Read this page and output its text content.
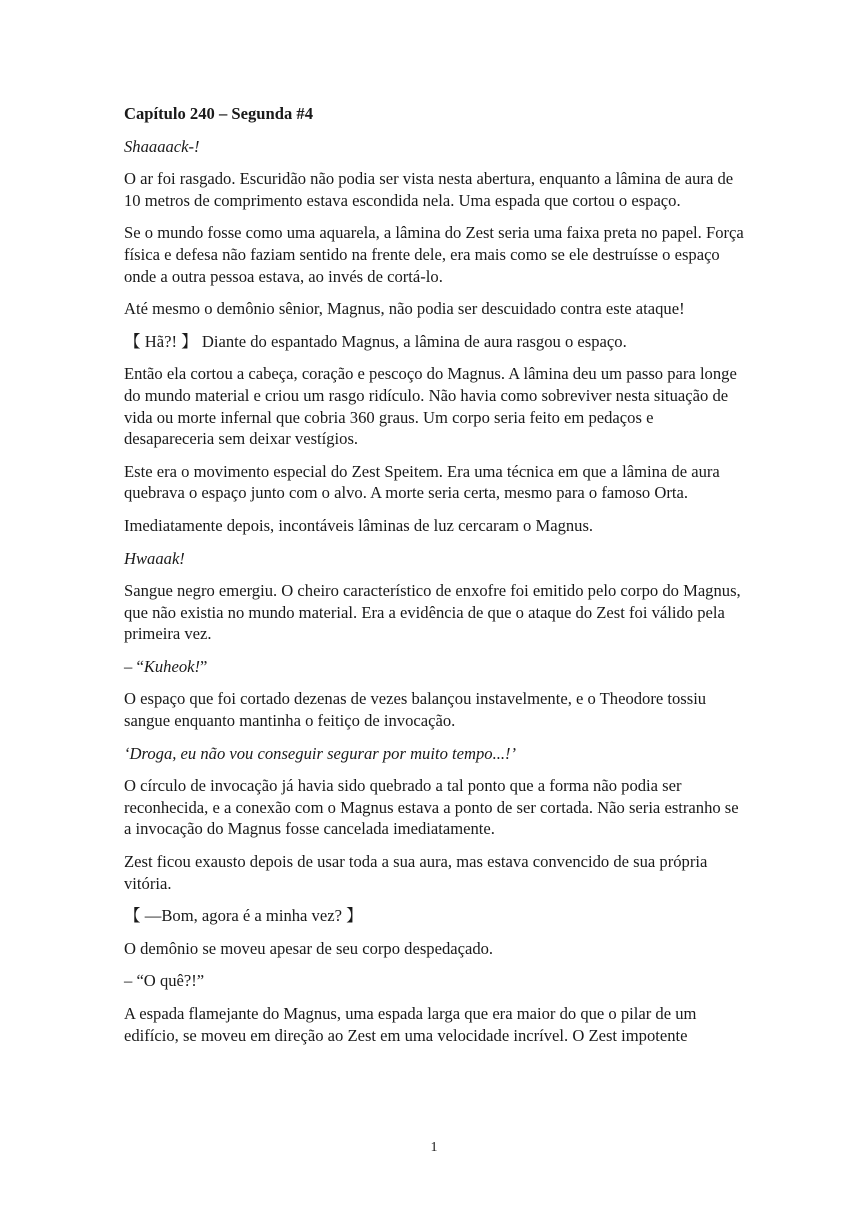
Capítulo 240 – Segunda #4

Shaaaack-!

O ar foi rasgado. Escuridão não podia ser vista nesta abertura, enquanto a lâmina de aura de 10 metros de comprimento estava escondida nela. Uma espada que cortou o espaço.

Se o mundo fosse como uma aquarela, a lâmina do Zest seria uma faixa preta no papel. Força física e defesa não faziam sentido na frente dele, era mais como se ele destruísse o espaço onde a outra pessoa estava, ao invés de cortá-lo.

Até mesmo o demônio sênior, Magnus, não podia ser descuidado contra este ataque!

【 Hã?! 】 Diante do espantado Magnus, a lâmina de aura rasgou o espaço.

Então ela cortou a cabeça, coração e pescoço do Magnus. A lâmina deu um passo para longe do mundo material e criou um rasgo ridículo. Não havia como sobreviver nesta situação de vida ou morte infernal que cobria 360 graus. Um corpo seria feito em pedaços e desapareceria sem deixar vestígios.

Este era o movimento especial do Zest Speitem. Era uma técnica em que a lâmina de aura quebrava o espaço junto com o alvo. A morte seria certa, mesmo para o famoso Orta.

Imediatamente depois, incontáveis lâminas de luz cercaram o Magnus.

Hwaaak!

Sangue negro emergiu. O cheiro característico de enxofre foi emitido pelo corpo do Magnus, que não existia no mundo material. Era a evidência de que o ataque do Zest foi válido pela primeira vez.

– “Kuheok!”

O espaço que foi cortado dezenas de vezes balançou instavelmente, e o Theodore tossiu sangue enquanto mantinha o feitiço de invocação.

‘Droga, eu não vou conseguir segurar por muito tempo...!’

O círculo de invocação já havia sido quebrado a tal ponto que a forma não podia ser reconhecida, e a conexão com o Magnus estava a ponto de ser cortada. Não seria estranho se a invocação do Magnus fosse cancelada imediatamente.

Zest ficou exausto depois de usar toda a sua aura, mas estava convencido de sua própria vitória.

【 —Bom, agora é a minha vez? 】

O demônio se moveu apesar de seu corpo despedaçado.

– “O quê?!”

A espada flamejante do Magnus, uma espada larga que era maior do que o pilar de um edifício, se moveu em direção ao Zest em uma velocidade incrível. O Zest impotente

1
